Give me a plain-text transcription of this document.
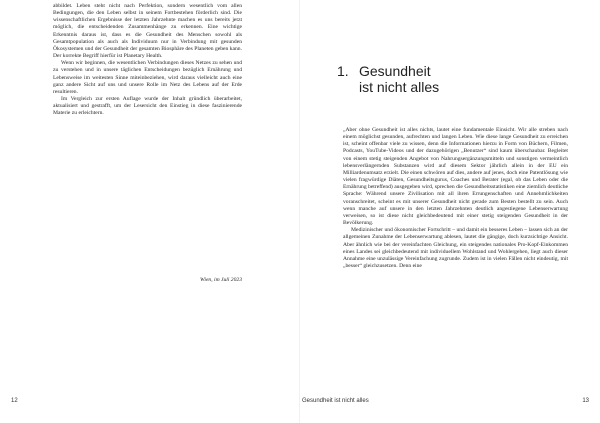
abbildet. Leben steht nicht nach Perfektion, sondern wesentlich vom allen Bedingungen, die den Leben selbst in seinem Fortbestehen förderlich sind. Die wissenschaftlichen Ergebnisse der letzten Jahrzehnte machen es uns bereits jetzt möglich, die entscheidenden Zusammenhänge zu erkennen. Eine wichtige Erkenntnis daraus ist, dass es die Gesundheit des Menschen sowohl als Gesamtpopulation als auch als Individuum nur in Verbindung mit gesunden Ökosystemen und der Gesundheit der gesamten Biosphäre des Planeten geben kann. Der korrekte Begriff hierfür ist Planetary Health.

Wenn wir beginnen, die wesentlichen Verbindungen dieses Netzes zu sehen und zu verstehen und in unsere täglichen Entscheidungen bezüglich Ernährung und Lebensweise im weitesten Sinne miteinbeziehen, wird daraus vielleicht auch eine ganz andere Sicht auf uns und unsere Rolle im Netz des Lebens auf der Erde resultieren.

Im Vergleich zur ersten Auflage wurde der Inhalt gründlich überarbeitet, aktualisiert und gestrafft, um der Lesersicht den Einstieg in diese faszinierende Materie zu erleichtern.

Wien, im Juli 2023
12	13
1. Gesundheit
ist nicht alles

„Aber ohne Gesundheit ist alles nichts, lautet eine fundamentale Einsicht. Wir alle streben nach einem möglichst gesunden, aufrechten und langen Leben. Wie diese lange Gesundheit zu erreichen ist, scheint offenbar viele zu wissen, denn die Informationen hierzu in Form von Büchern, Filmen, Podcasts, YouTube-Videos und der dazugehörigen „Benutzer“ sind kaum überschaubar. Begleitet von einem stetig steigenden Angebot von Nahrungsergänzungsmitteln und sonstigen vermeintlich lebensverlängernden Substanzen wird auf diesem Sektor jährlich allein in der EU ein Milliardenumsatz erzielt. Die einen schwören auf dies, andere auf jenes, doch eine Patentlösung wie vielen fragwürdige Diäten, Gesundheitsgurus, Coaches und Berater (egal, ob das Leben oder die Ernährung betreffend) ausgegeben wird, sprechen die Gesundheitsstatistiken eine ziemlich deutliche Sprache: Während unsere Zivilisation mit all ihren Errungenschaften und Annehmlichkeiten voranschreitet, scheint es mit unserer Gesundheit nicht gerade zum Besten bestellt zu sein. Auch wenn manche auf unsere in den letzten Jahrzehnten deutlich angestiegene Lebenserwartung verweisen, so ist diese nicht gleichbedeutend mit einer stetig steigenden Gesundheit in der Bevölkerung.

Medizinischer und ökonomischer Fortschritt – und damit ein besseres Leben – lassen sich an der allgemeinen Zunahme der Lebenserwartung ablesen, lautet die gängige, doch kurzsichtige Ansicht. Aber ähnlich wie bei der vereinfachten Gleichung, ein steigendes nationales Pro-Kopf-Einkommen eines Landes sei gleichbedeutend mit individuellem Wohlstand und Wohlergehen, liegt auch dieser Annahme eine unzulässige Vereinfachung zugrunde. Zudem ist in vielen Fällen nicht eindeutig, mit „besser“ gleichzusetzen. Denn eine

Gesundheit ist nicht alles
